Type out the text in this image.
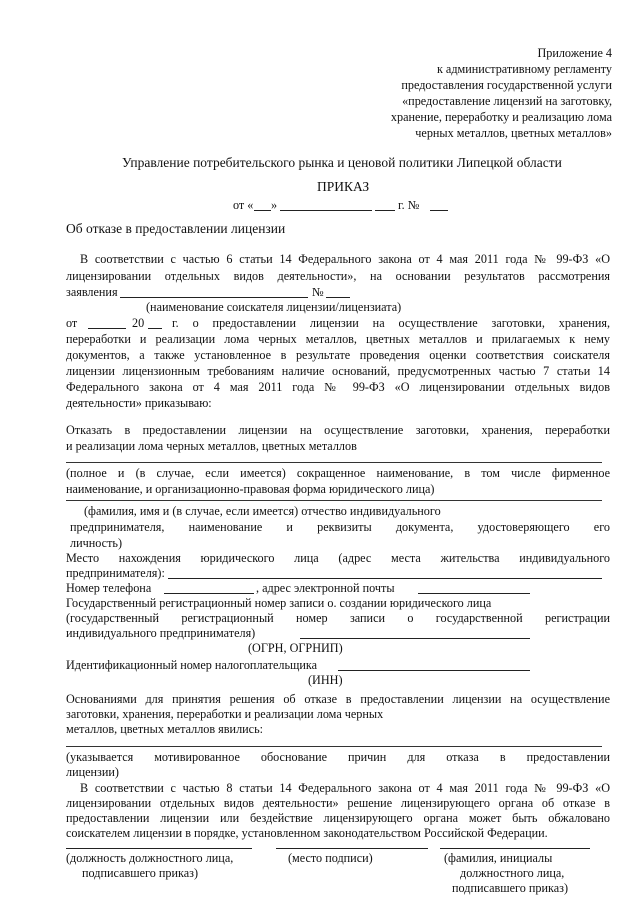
Приложение 4

к административному регламенту

предоставления государственной услуги

«предоставление лицензий на заготовку,

хранение, переработку и реализацию лома

черных металлов, цветных металлов»

Управление потребительского рынка и ценовой политики Липецкой области

ПРИКАЗ

от « »	г. №

Об отказе в предоставлении лицензии

В соответствии с частью 6 статьи 14 Федерального закона от 4 мая 2011 года № 99-ФЗ «О

лицензировании отдельных видов деятельности», на основании результатов рассмотрения

заявления	№

(наименование соискателя лицензии/лицензиата)

от	20 г. о предоставлении лицензии на осуществление заготовки, хранения,

переработки и реализации лома черных металлов, цветных металлов и прилагаемых к нему

документов, а также установленное в результате проведения оценки соответствия соискателя

лицензии лицензионным требованиям наличие оснований, предусмотренных частью 7 статьи 14

Федерального закона от 4 мая 2011 года № 99-ФЗ «О лицензировании отдельных видов

деятельности» приказываю:

Отказать в предоставлении лицензии на осуществление заготовки, хранения, переработки

и реализации лома черных металлов, цветных металлов

(полное и (в случае, если имеется) сокращенное наименование, в том числе фирменное

наименование, и организационно-правовая форма юридического лица)

(фамилия, имя и (в случае, если имеется) отчество индивидуального

предпринимателя, наименование и реквизиты документа, удостоверяющего его

личность)

Место нахождения юридического лица (адрес места жительства индивидуального

предпринимателя):

Номер телефона	, адрес электронной почты

Государственный регистрационный номер записи о. создании юридического лица

(государственный регистрационный номер записи о государственной регистрации

индивидуального предпринимателя)

(ОГРН, ОГРНИП)

Идентификационный номер налогоплательщика

(ИНН)

Основаниями для принятия решения об отказе в предоставлении лицензии на осуществление

заготовки, хранения, переработки и реализации лома черных

металлов, цветных металлов явились:

(указывается мотивированное обоснование причин для отказа в предоставлении

лицензии)

В соответствии с частью 8 статьи 14 Федерального закона от 4 мая 2011 года № 99-ФЗ «О

лицензировании отдельных видов деятельности» решение лицензирующего органа об отказе в

предоставлении лицензии или бездействие лицензирующего органа может быть обжаловано

соискателем лицензии в порядке, установленном законодательством Российской Федерации.

(должность должностного лица,

подписавшего приказ)

(место подписи)	(фамилия, инициалы

должностного лица,

подписавшего приказ)
